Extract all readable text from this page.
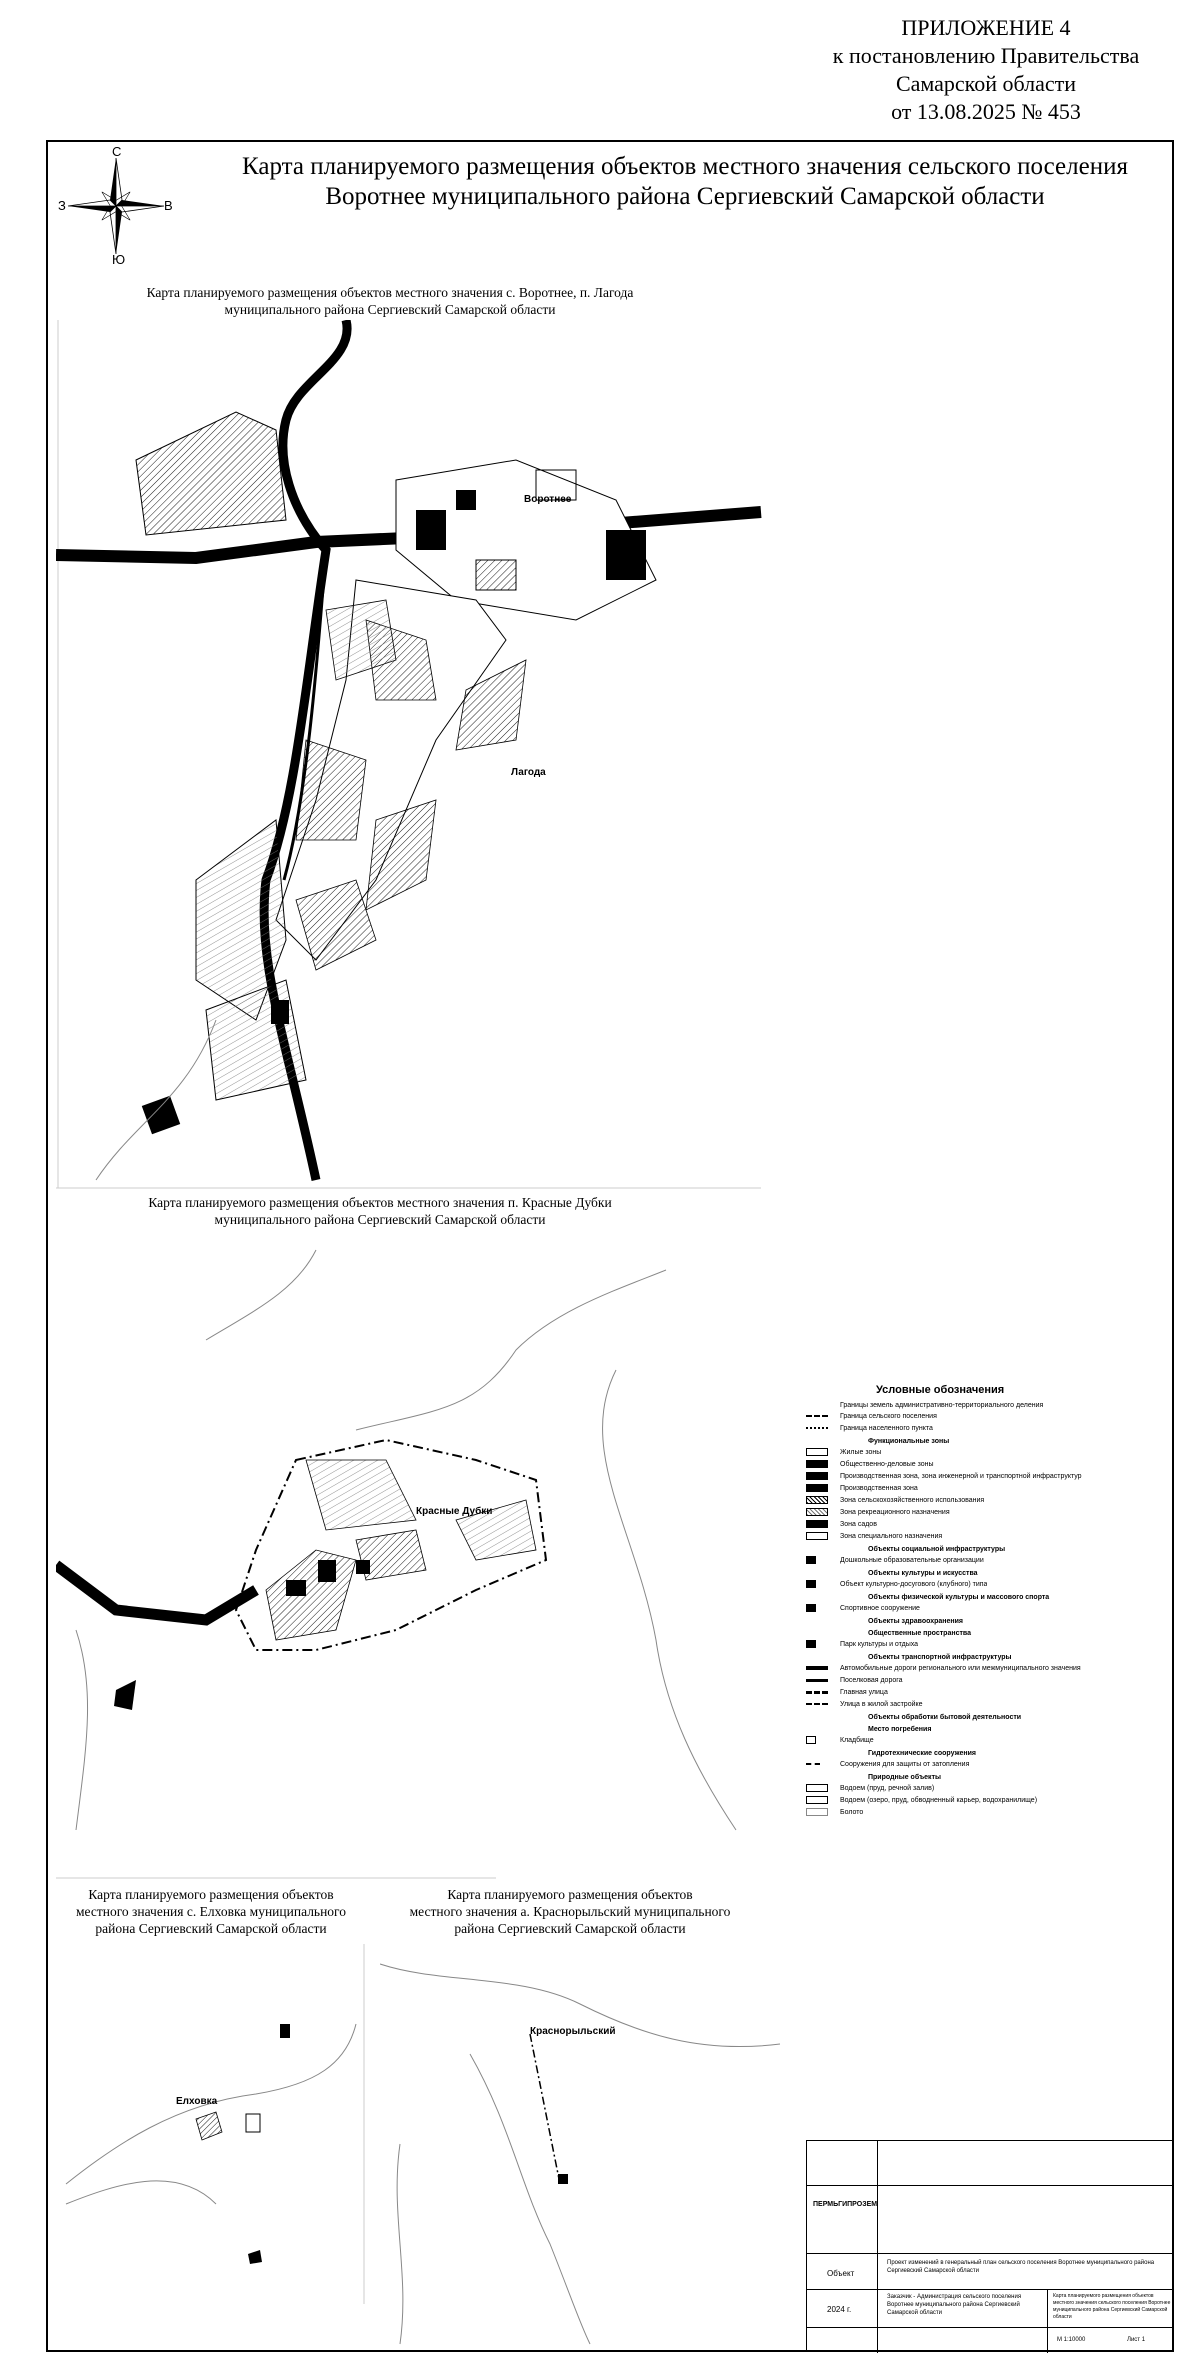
ПРИЛОЖЕНИЕ 4
к постановлению Правительства
Самарской области
от 13.08.2025 № 453
С
Ю
З	В
Карта планируемого размещения объектов местного значения сельского поселения
Воротнее муниципального района Сергиевский Самарской области
Карта планируемого размещения объектов местного значения с. Воротнее, п. Лагода
муниципального района Сергиевский Самарской области
Воротнее
Лагода
Карта планируемого размещения объектов местного значения п. Красные Дубки
муниципального района Сергиевский Самарской области
Красные Дубки
Карта планируемого размещения объектов
местного значения с. Елховка муниципального
района Сергиевский Самарской области
Елховка
Карта планируемого размещения объектов
местного значения а. Краснорыльский муниципального
района Сергиевский Самарской области
Краснорыльский
Условные обозначения
Границы земель административно-территориального деления
Граница сельского поселения
Граница населенного пункта
Функциональные зоны
Жилые зоны
Общественно-деловые зоны
Производственная зона, зона инженерной и транспортной инфраструктур
Производственная зона
Зона сельскохозяйственного использования
Зона рекреационного назначения
Зона садов
Зона специального назначения
Объекты социальной инфраструктуры
Дошкольные образовательные организации
Объекты культуры и искусства
Объект культурно-досугового (клубного) типа
Объекты физической культуры и массового спорта
Спортивное сооружение
Объекты здравоохранения
Общественные пространства
Парк культуры и отдыха
Объекты транспортной инфраструктуры
Автомобильные дороги регионального или межмуниципального значения
Поселковая дорога
Главная улица
Улица в жилой застройке
Объекты обработки бытовой деятельности
Место погребения
Кладбище
Гидротехнические сооружения
Сооружения для защиты от затопления
Природные объекты
Водоем (пруд, речной залив)
Водоем (озеро, пруд, обводненный карьер, водохранилище)
Болото
ПЕРМЬГИПРОЗЕМ
Объект
Проект изменений в генеральный план сельского поселения Воротнее муниципального района Сергиевский Самарской области
Заказчик - Администрация сельского поселения Воротнее муниципального района Сергиевский Самарской области
2024 г.
Карта планируемого размещения объектов местного значения сельского поселения Воротнее муниципального района Сергиевский Самарской области
М 1:10000	Лист 1
